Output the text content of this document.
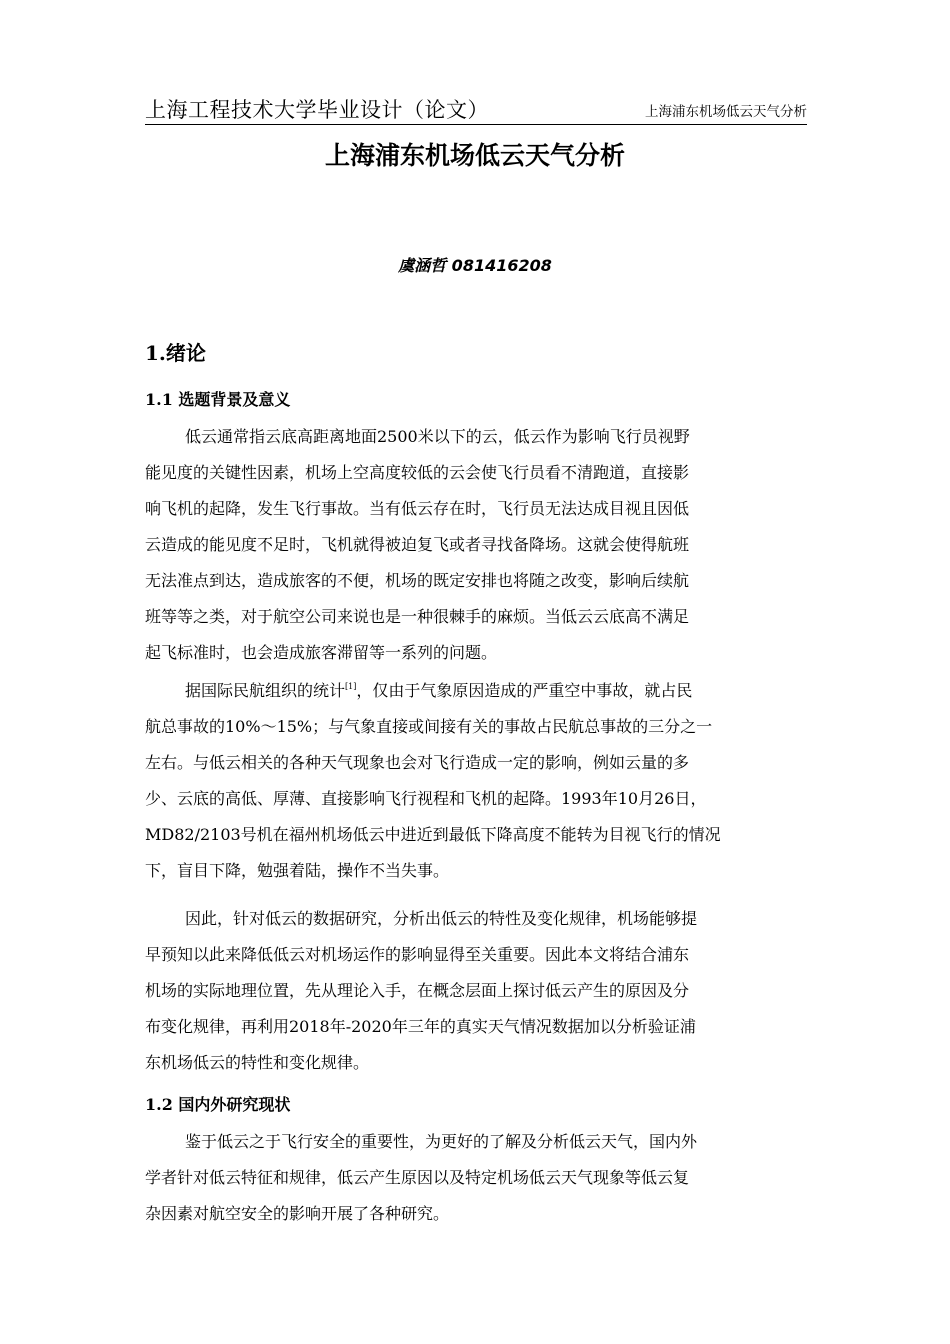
上海工程技术大学毕业设计（论文）	上海浦东机场低云天气分析
上海浦东机场低云天气分析
虞涵哲 081416208
1.绪论
1.1 选题背景及意义
低云通常指云底高距离地面2500米以下的云，低云作为影响飞行员视野
能见度的关键性因素，机场上空高度较低的云会使飞行员看不清跑道，直接影
响飞机的起降，发生飞行事故。当有低云存在时，飞行员无法达成目视且因低
云造成的能见度不足时，飞机就得被迫复飞或者寻找备降场。这就会使得航班
无法准点到达，造成旅客的不便，机场的既定安排也将随之改变，影响后续航
班等等之类，对于航空公司来说也是一种很棘手的麻烦。当低云云底高不满足
起飞标准时，也会造成旅客滞留等一系列的问题。
据国际民航组织的统计[1]，仅由于气象原因造成的严重空中事故，就占民
航总事故的10%～15%；与气象直接或间接有关的事故占民航总事故的三分之一
左右。与低云相关的各种天气现象也会对飞行造成一定的影响，例如云量的多
少、云底的高低、厚薄、直接影响飞行视程和飞机的起降。1993年10月26日，
MD82/2103号机在福州机场低云中进近到最低下降高度不能转为目视飞行的情况
下，盲目下降，勉强着陆，操作不当失事。
因此，针对低云的数据研究，分析出低云的特性及变化规律，机场能够提
早预知以此来降低低云对机场运作的影响显得至关重要。因此本文将结合浦东
机场的实际地理位置，先从理论入手，在概念层面上探讨低云产生的原因及分
布变化规律，再利用2018年-2020年三年的真实天气情况数据加以分析验证浦
东机场低云的特性和变化规律。
1.2 国内外研究现状
鉴于低云之于飞行安全的重要性，为更好的了解及分析低云天气，国内外
学者针对低云特征和规律，低云产生原因以及特定机场低云天气现象等低云复
杂因素对航空安全的影响开展了各种研究。
